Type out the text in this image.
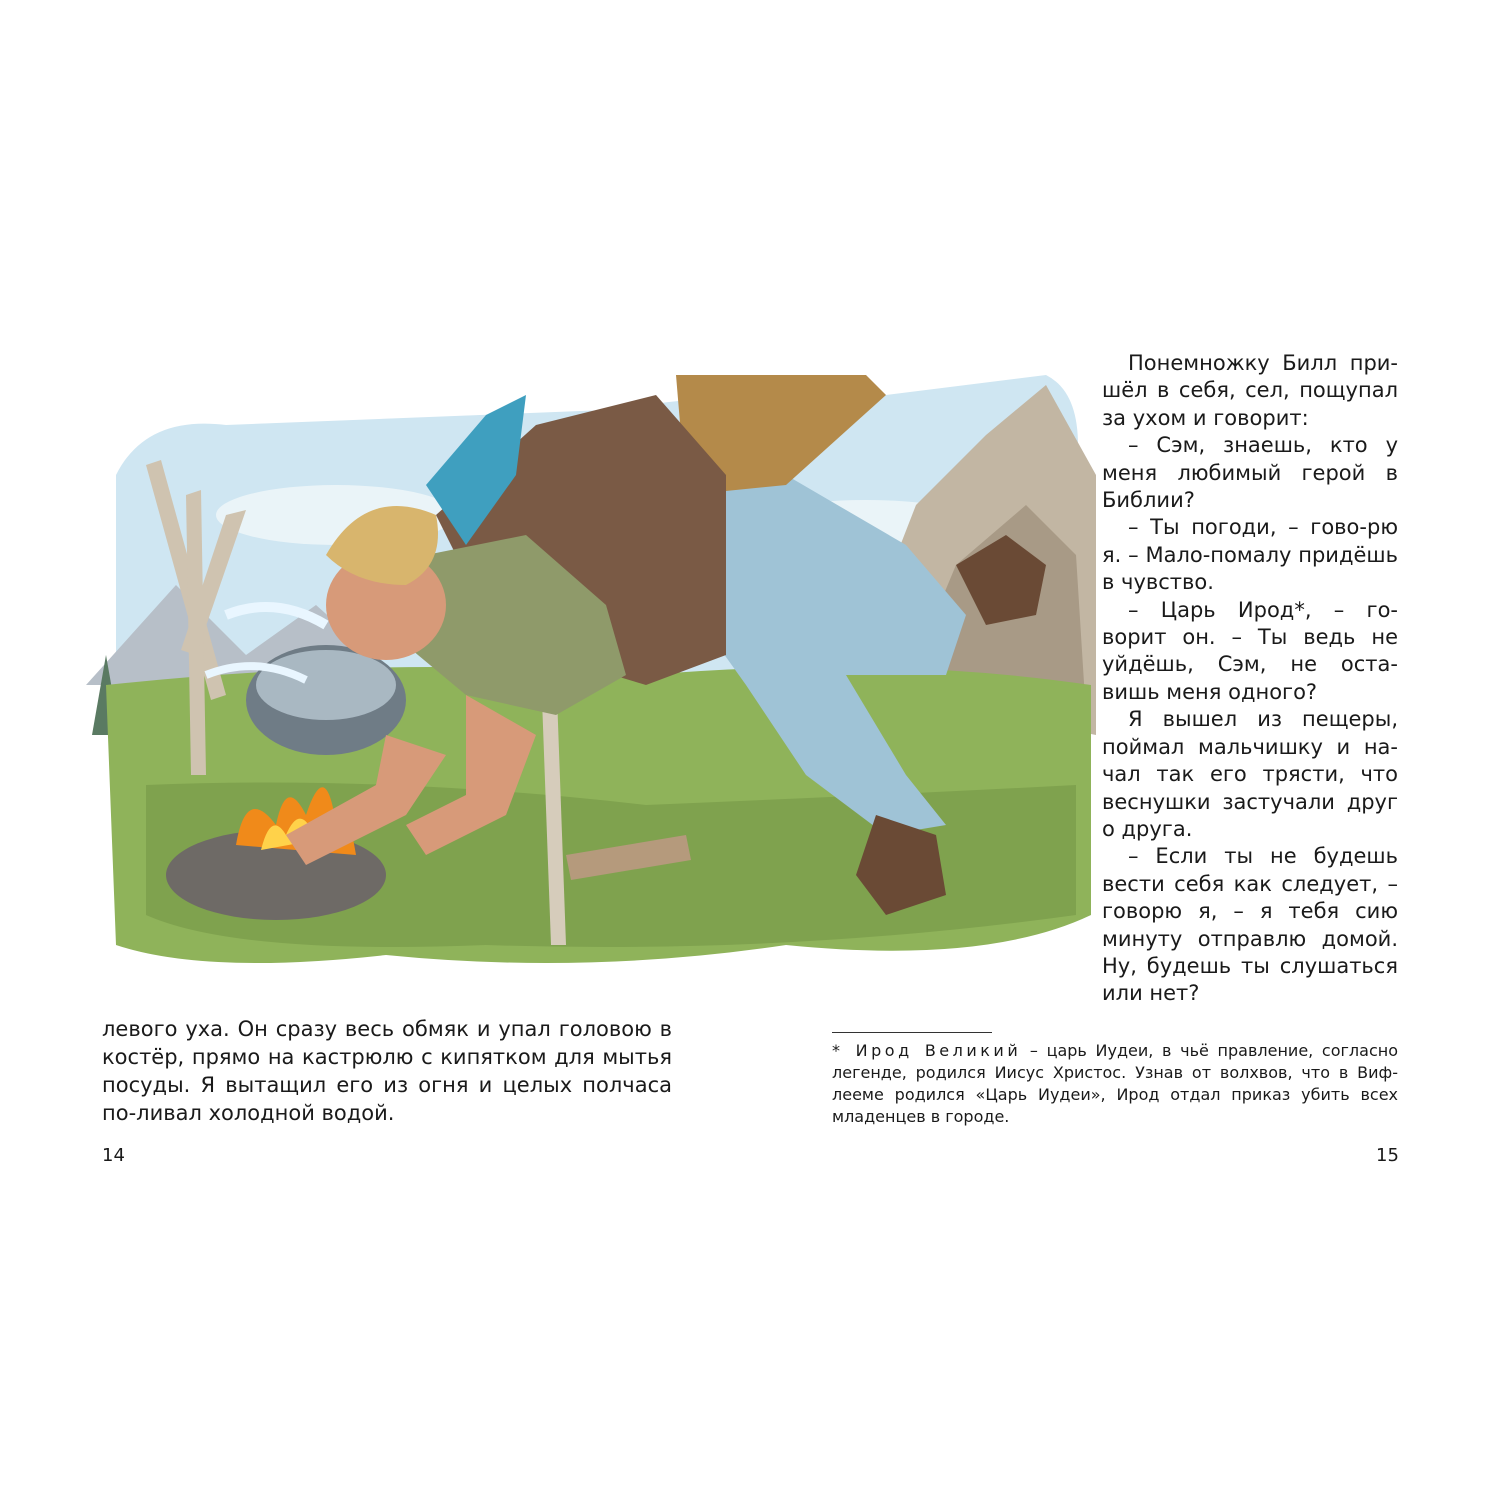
Понемножку Билл при-шёл в себя, сел, пощупал за ухом и говорит:

– Сэм, знаешь, кто у меня любимый герой в Библии?

– Ты погоди, – гово-рю я. – Мало-помалу придёшь в чувство.

– Царь Ирод*, – го-ворит он. – Ты ведь не уйдёшь, Сэм, не оста-вишь меня одного?

Я вышел из пещеры, поймал мальчишку и на-чал так его трясти, что веснушки застучали друг о друга.

– Если ты не будешь вести себя как следует, – говорю я, – я тебя сию минуту отправлю домой. Ну, будешь ты слушаться или нет?

левого уха. Он сразу весь обмяк и упал головою в костёр, прямо на кастрюлю с кипятком для мытья посуды. Я вытащил его из огня и целых полчаса по-ливал холодной водой.

* Ирод Великий – царь Иудеи, в чьё правление, согласно легенде, родился Иисус Христос. Узнав от волхвов, что в Виф-лееме родился «Царь Иудеи», Ирод отдал приказ убить всех младенцев в городе.

14	15
